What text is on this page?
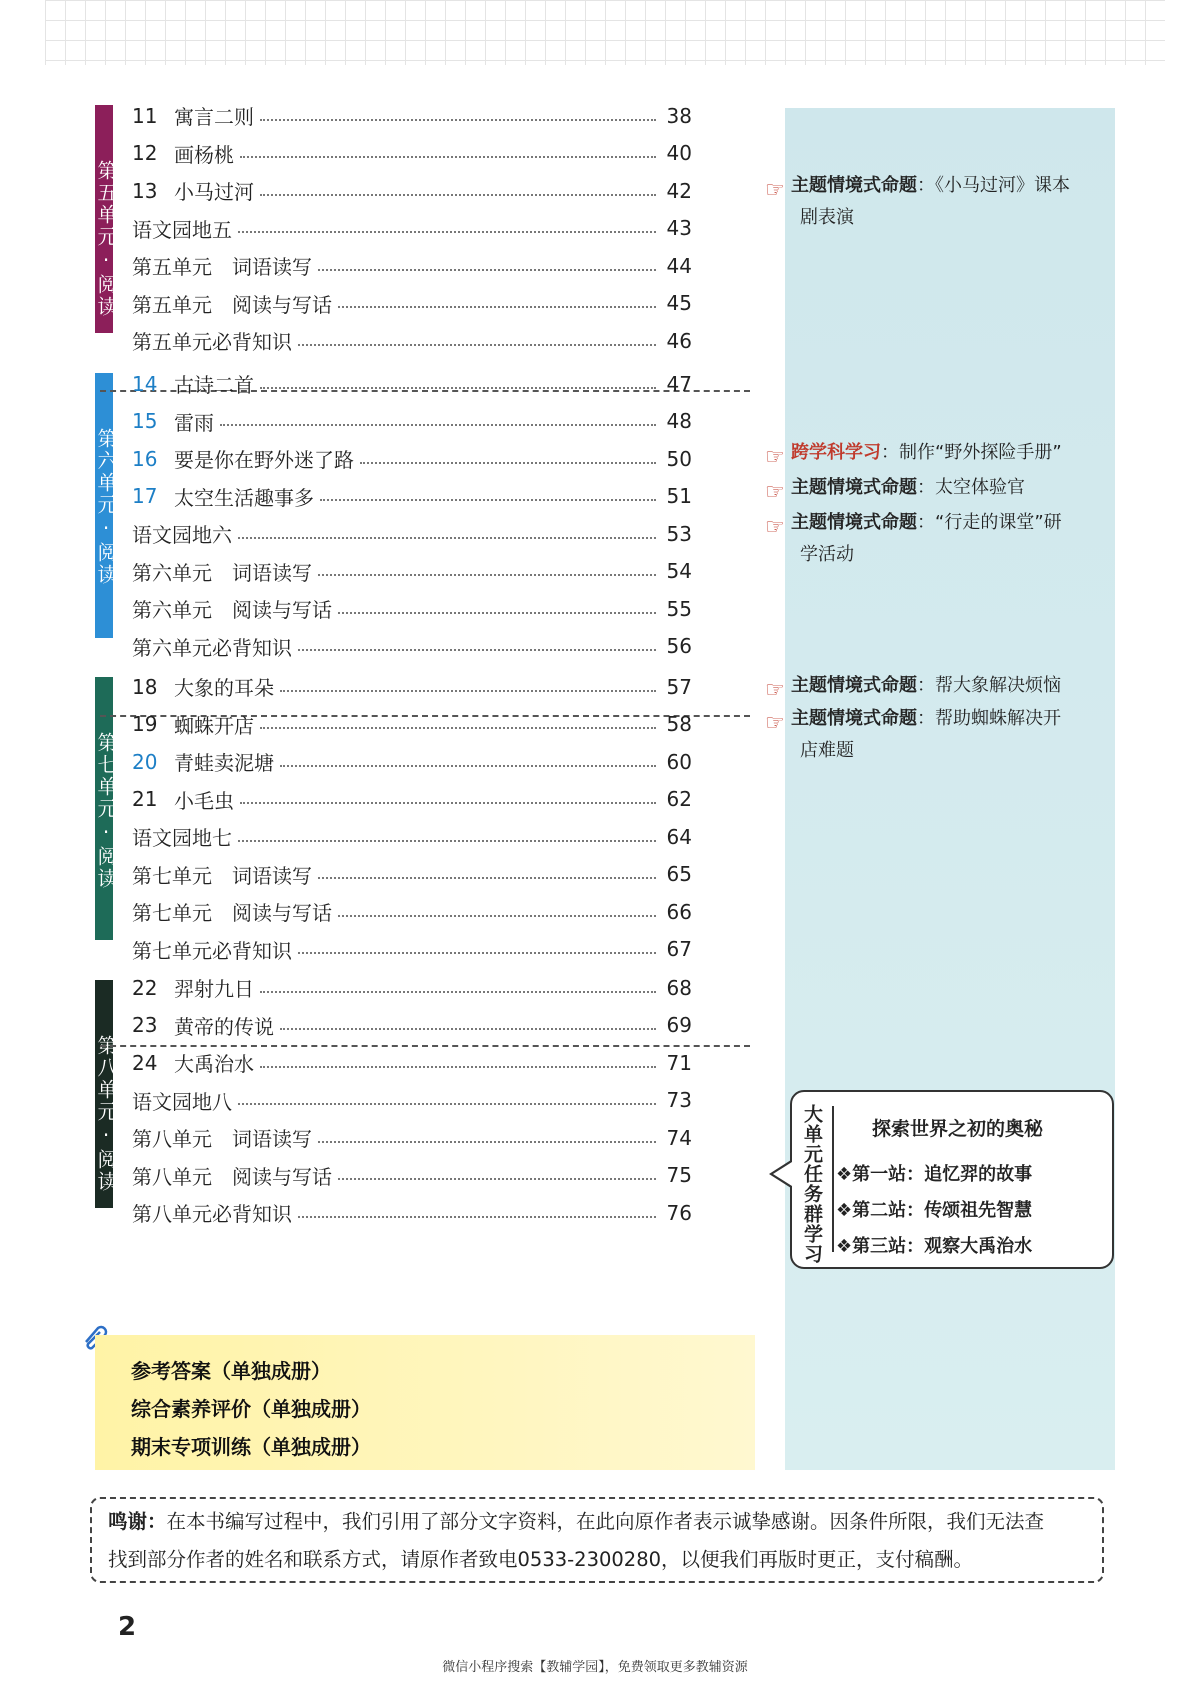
第五单元·阅读
第六单元·阅读
第七单元·阅读
第八单元·阅读
☞ 主题情境式命题：《小马过河》课本
剧表演
☞ 跨学科学习：制作“野外探险手册”
☞ 主题情境式命题：太空体验官
☞ 主题情境式命题：“行走的课堂”研
学活动
☞ 主题情境式命题：帮大象解决烦恼
☞ 主题情境式命题：帮助蜘蛛解决开
店难题
大单元任务群学习	探索世界之初的奥秘
❖第一站：追忆羿的故事
❖第二站：传颂祖先智慧
❖第三站：观察大禹治水
参考答案（单独成册）
综合素养评价（单独成册）
期末专项训练（单独成册）
鸣谢：在本书编写过程中，我们引用了部分文字资料，在此向原作者表示诚挚感谢。因条件所限，我们无法查
找到部分作者的姓名和联系方式，请原作者致电0533-2300280，以便我们再版时更正，支付稿酬。
2
微信小程序搜索【教辅学园】，免费领取更多教辅资源
11 寓言二则	38
12 画杨桃	40
13 小马过河	42
语文园地五	43
第五单元　词语读写	44
第五单元　阅读与写话	45
第五单元必背知识	46
14 古诗二首	47
15 雷雨	48
16 要是你在野外迷了路	50
17 太空生活趣事多	51
语文园地六	53
第六单元　词语读写	54
第六单元　阅读与写话	55
第六单元必背知识	56
18 大象的耳朵	57
19 蜘蛛开店	58
20 青蛙卖泥塘	60
21 小毛虫	62
语文园地七	64
第七单元　词语读写	65
第七单元　阅读与写话	66
第七单元必背知识	67
22 羿射九日	68
23 黄帝的传说	69
24 大禹治水	71
语文园地八	73
第八单元　词语读写	74
第八单元　阅读与写话	75
第八单元必背知识	76
